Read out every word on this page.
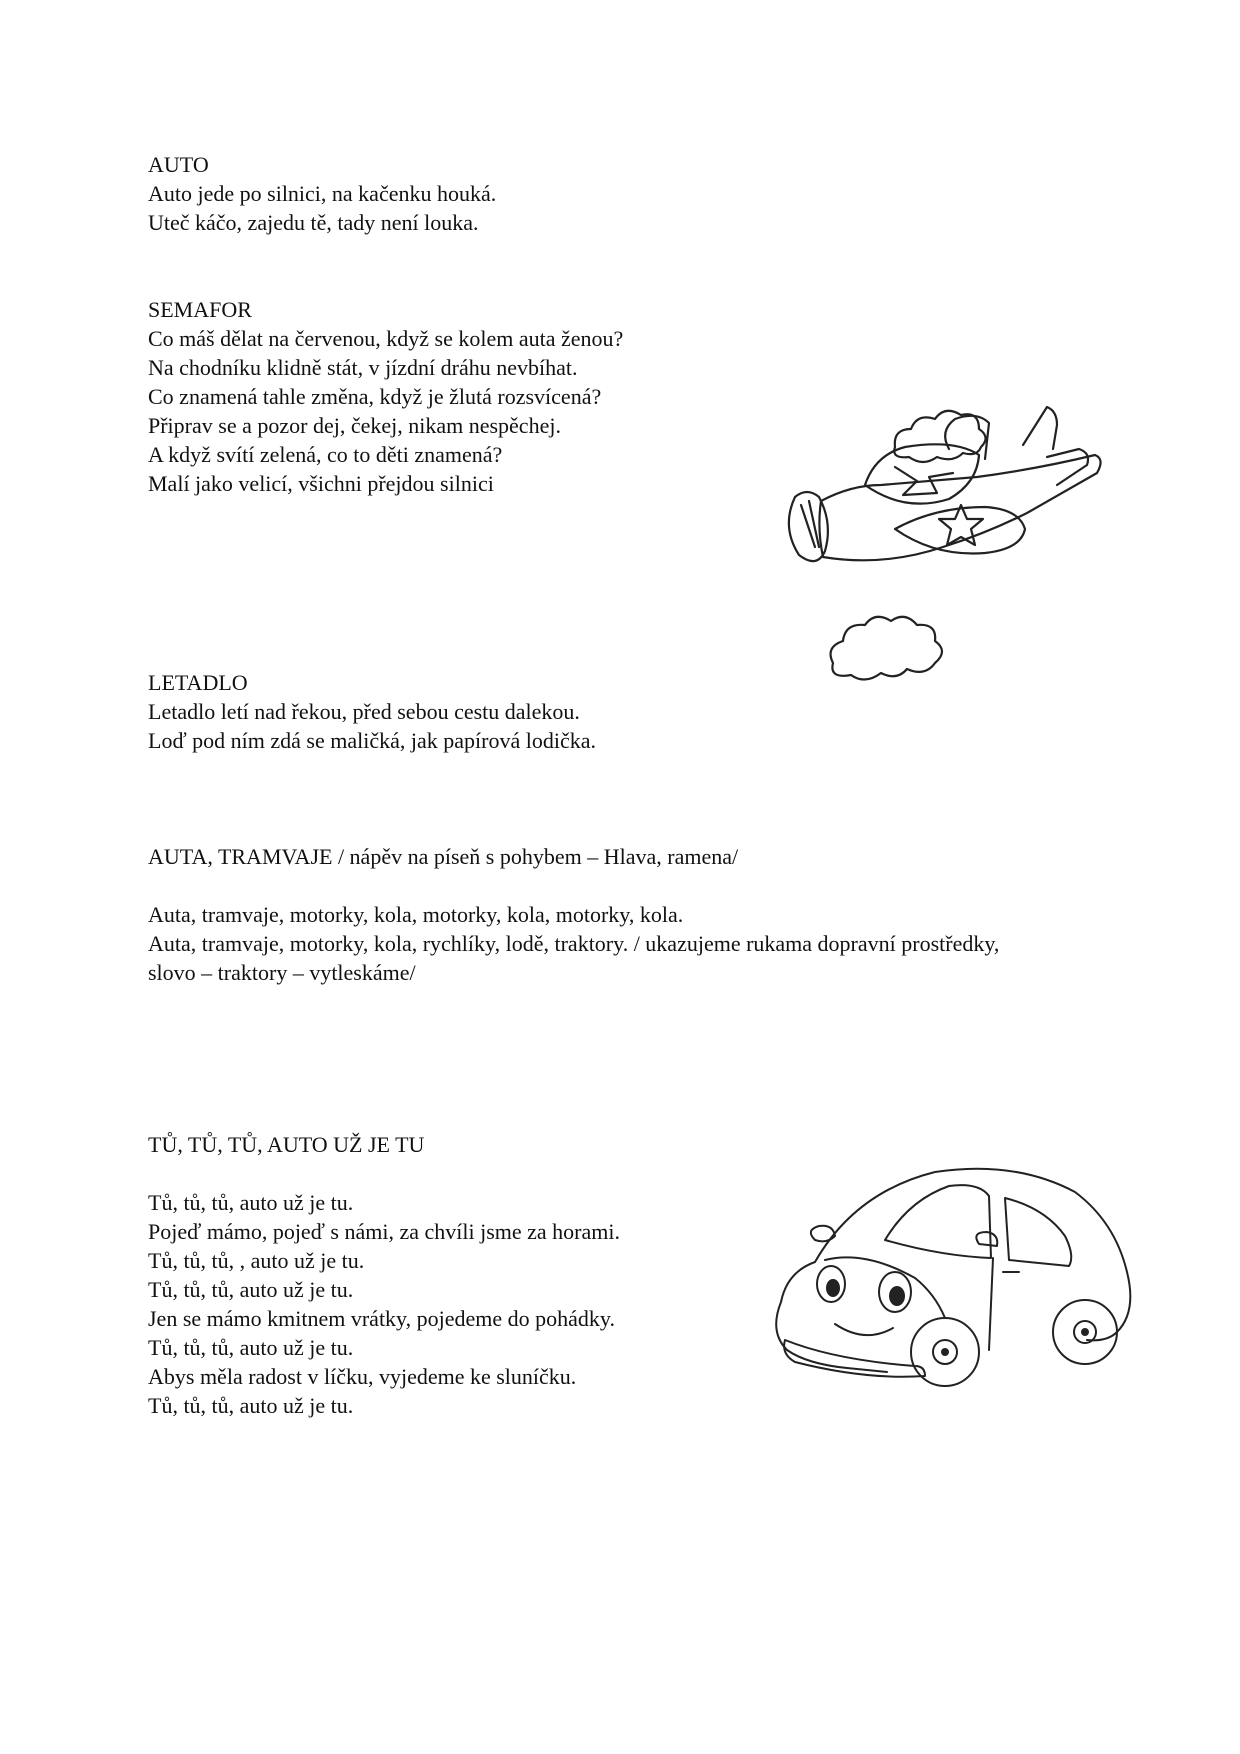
AUTO

Auto jede po silnici, na kačenku houká.

Uteč káčo, zajedu tě, tady není louka.

SEMAFOR

Co máš dělat na červenou, když se kolem auta ženou?

Na chodníku klidně stát, v jízdní dráhu nevbíhat.

Co znamená tahle změna, když je žlutá rozsvícená?

Připrav se a pozor dej, čekej, nikam nespěchej.

A když svítí zelená, co to děti znamená?

Malí jako velicí, všichni přejdou silnici

LETADLO

Letadlo letí nad řekou, před sebou cestu dalekou.

Loď pod ním zdá se maličká, jak papírová lodička.

AUTA, TRAMVAJE / nápěv na píseň s pohybem – Hlava, ramena/

Auta, tramvaje, motorky, kola, motorky, kola, motorky, kola.

Auta, tramvaje, motorky, kola, rychlíky, lodě, traktory. / ukazujeme rukama dopravní prostředky, slovo – traktory – vytleskáme/

TŮ, TŮ, TŮ, AUTO UŽ JE TU

Tů, tů, tů, auto už je tu.

Pojeď mámo, pojeď s námi, za chvíli jsme za horami.

Tů, tů, tů, , auto už je tu.

Tů, tů, tů, auto už je tu.

Jen se mámo kmitnem vrátky, pojedeme do pohádky.

Tů, tů, tů, auto už je tu.

Abys měla radost v líčku, vyjedeme ke sluníčku.

Tů, tů, tů, auto už je tu.
